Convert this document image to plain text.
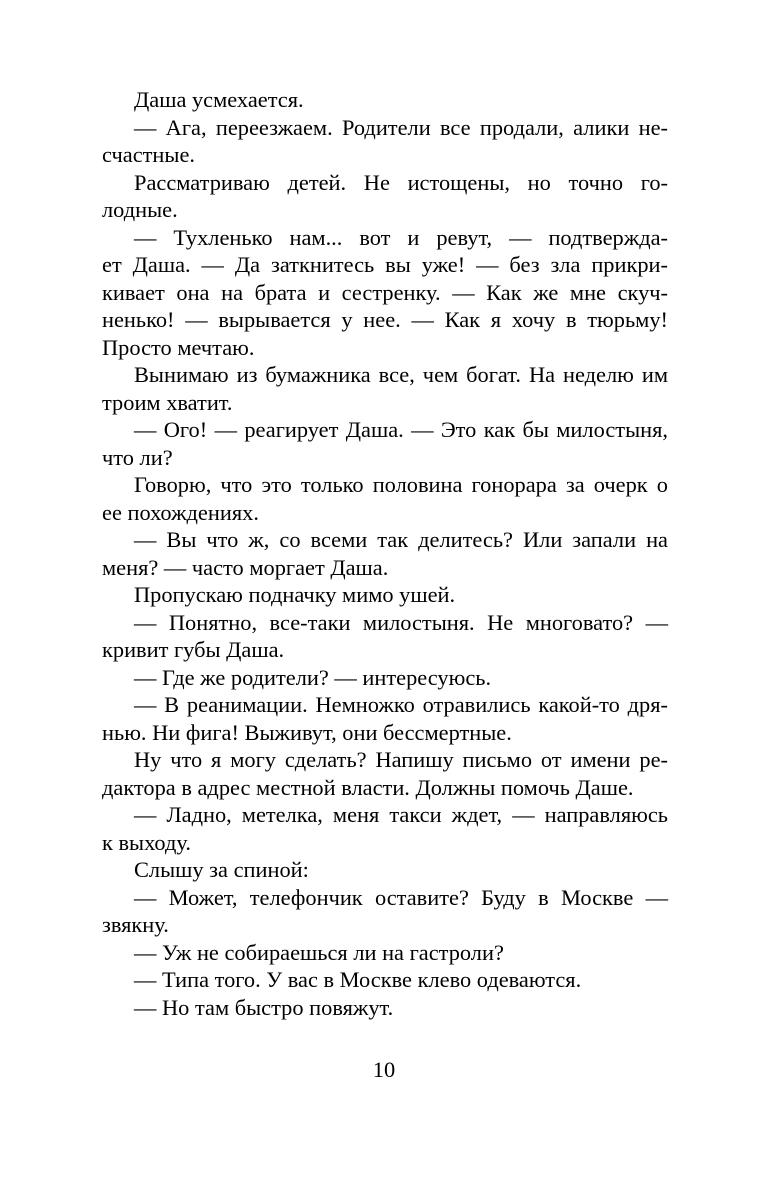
Даша усмехается.

— Ага, переезжаем. Родители все продали, алики не-
счастные.

Рассматриваю детей. Не истощены, но точно го-
лодные.

— Тухленько нам... вот и ревут, — подтвержда-
ет Даша. — Да заткнитесь вы уже! — без зла прикри-
кивает она на брата и сестренку. — Как же мне скуч-
ненько! — вырывается у нее. — Как я хочу в тюрьму!
Просто мечтаю.

Вынимаю из бумажника все, чем богат. На неделю им
троим хватит.

— Ого! — реагирует Даша. — Это как бы милостыня,
что ли?

Говорю, что это только половина гонорара за очерк о
ее похождениях.

— Вы что ж, со всеми так делитесь? Или запали на
меня? — часто моргает Даша.

Пропускаю подначку мимо ушей.

— Понятно, все-таки милостыня. Не многовато? —
кривит губы Даша.

— Где же родители? — интересуюсь.

— В реанимации. Немножко отравились какой-то дря-
нью. Ни фига! Выживут, они бессмертные.

Ну что я могу сделать? Напишу письмо от имени ре-
дактора в адрес местной власти. Должны помочь Даше.

— Ладно, метелка, меня такси ждет, — направляюсь
к выходу.

Слышу за спиной:

— Может, телефончик оставите? Буду в Москве —
звякну.

— Уж не собираешься ли на гастроли?

— Типа того. У вас в Москве клево одеваются.

— Но там быстро повяжут.

10
